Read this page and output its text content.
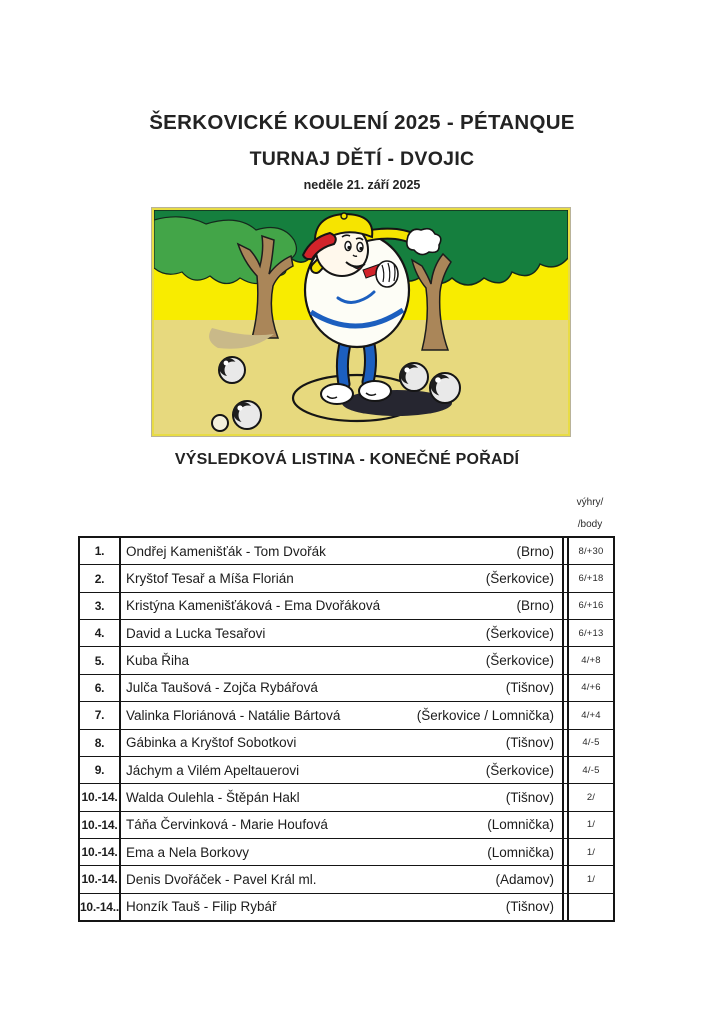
ŠERKOVICKÉ KOULENÍ 2025 - PÉTANQUE
TURNAJ DĚTÍ - DVOJIC
neděle 21. září 2025
VÝSLEDKOVÁ LISTINA - KONEČNÉ POŘADÍ
výhry/
/body
1.	Ondřej Kamenišťák - Tom Dvořák	(Brno)	8/+30
2.	Kryštof Tesař a Míša Florián	(Šerkovice)	6/+18
3.	Kristýna Kamenišťáková - Ema Dvořáková	(Brno)	6/+16
4.	David a Lucka Tesařovi	(Šerkovice)	6/+13
5.	Kuba Řiha	(Šerkovice)	4/+8
6.	Julča Taušová - Zojča Rybářová	(Tišnov)	4/+6
7.	Valinka Floriánová - Natálie Bártová	(Šerkovice / Lomnička)	4/+4
8.	Gábinka a Kryštof Sobotkovi	(Tišnov)	4/-5
9.	Jáchym a Vilém Apeltauerovi	(Šerkovice)	4/-5
10.-14. Walda Oulehla - Štěpán Hakl	(Tišnov)	2/
10.-14. Táňa Červinková - Marie Houfová	(Lomnička)	1/
10.-14. Ema a Nela Borkovy	(Lomnička)	1/
10.-14. Denis Dvořáček - Pavel Král ml.	(Adamov)	1/
10.-14.. Honzík Tauš - Filip Rybář	(Tišnov)
